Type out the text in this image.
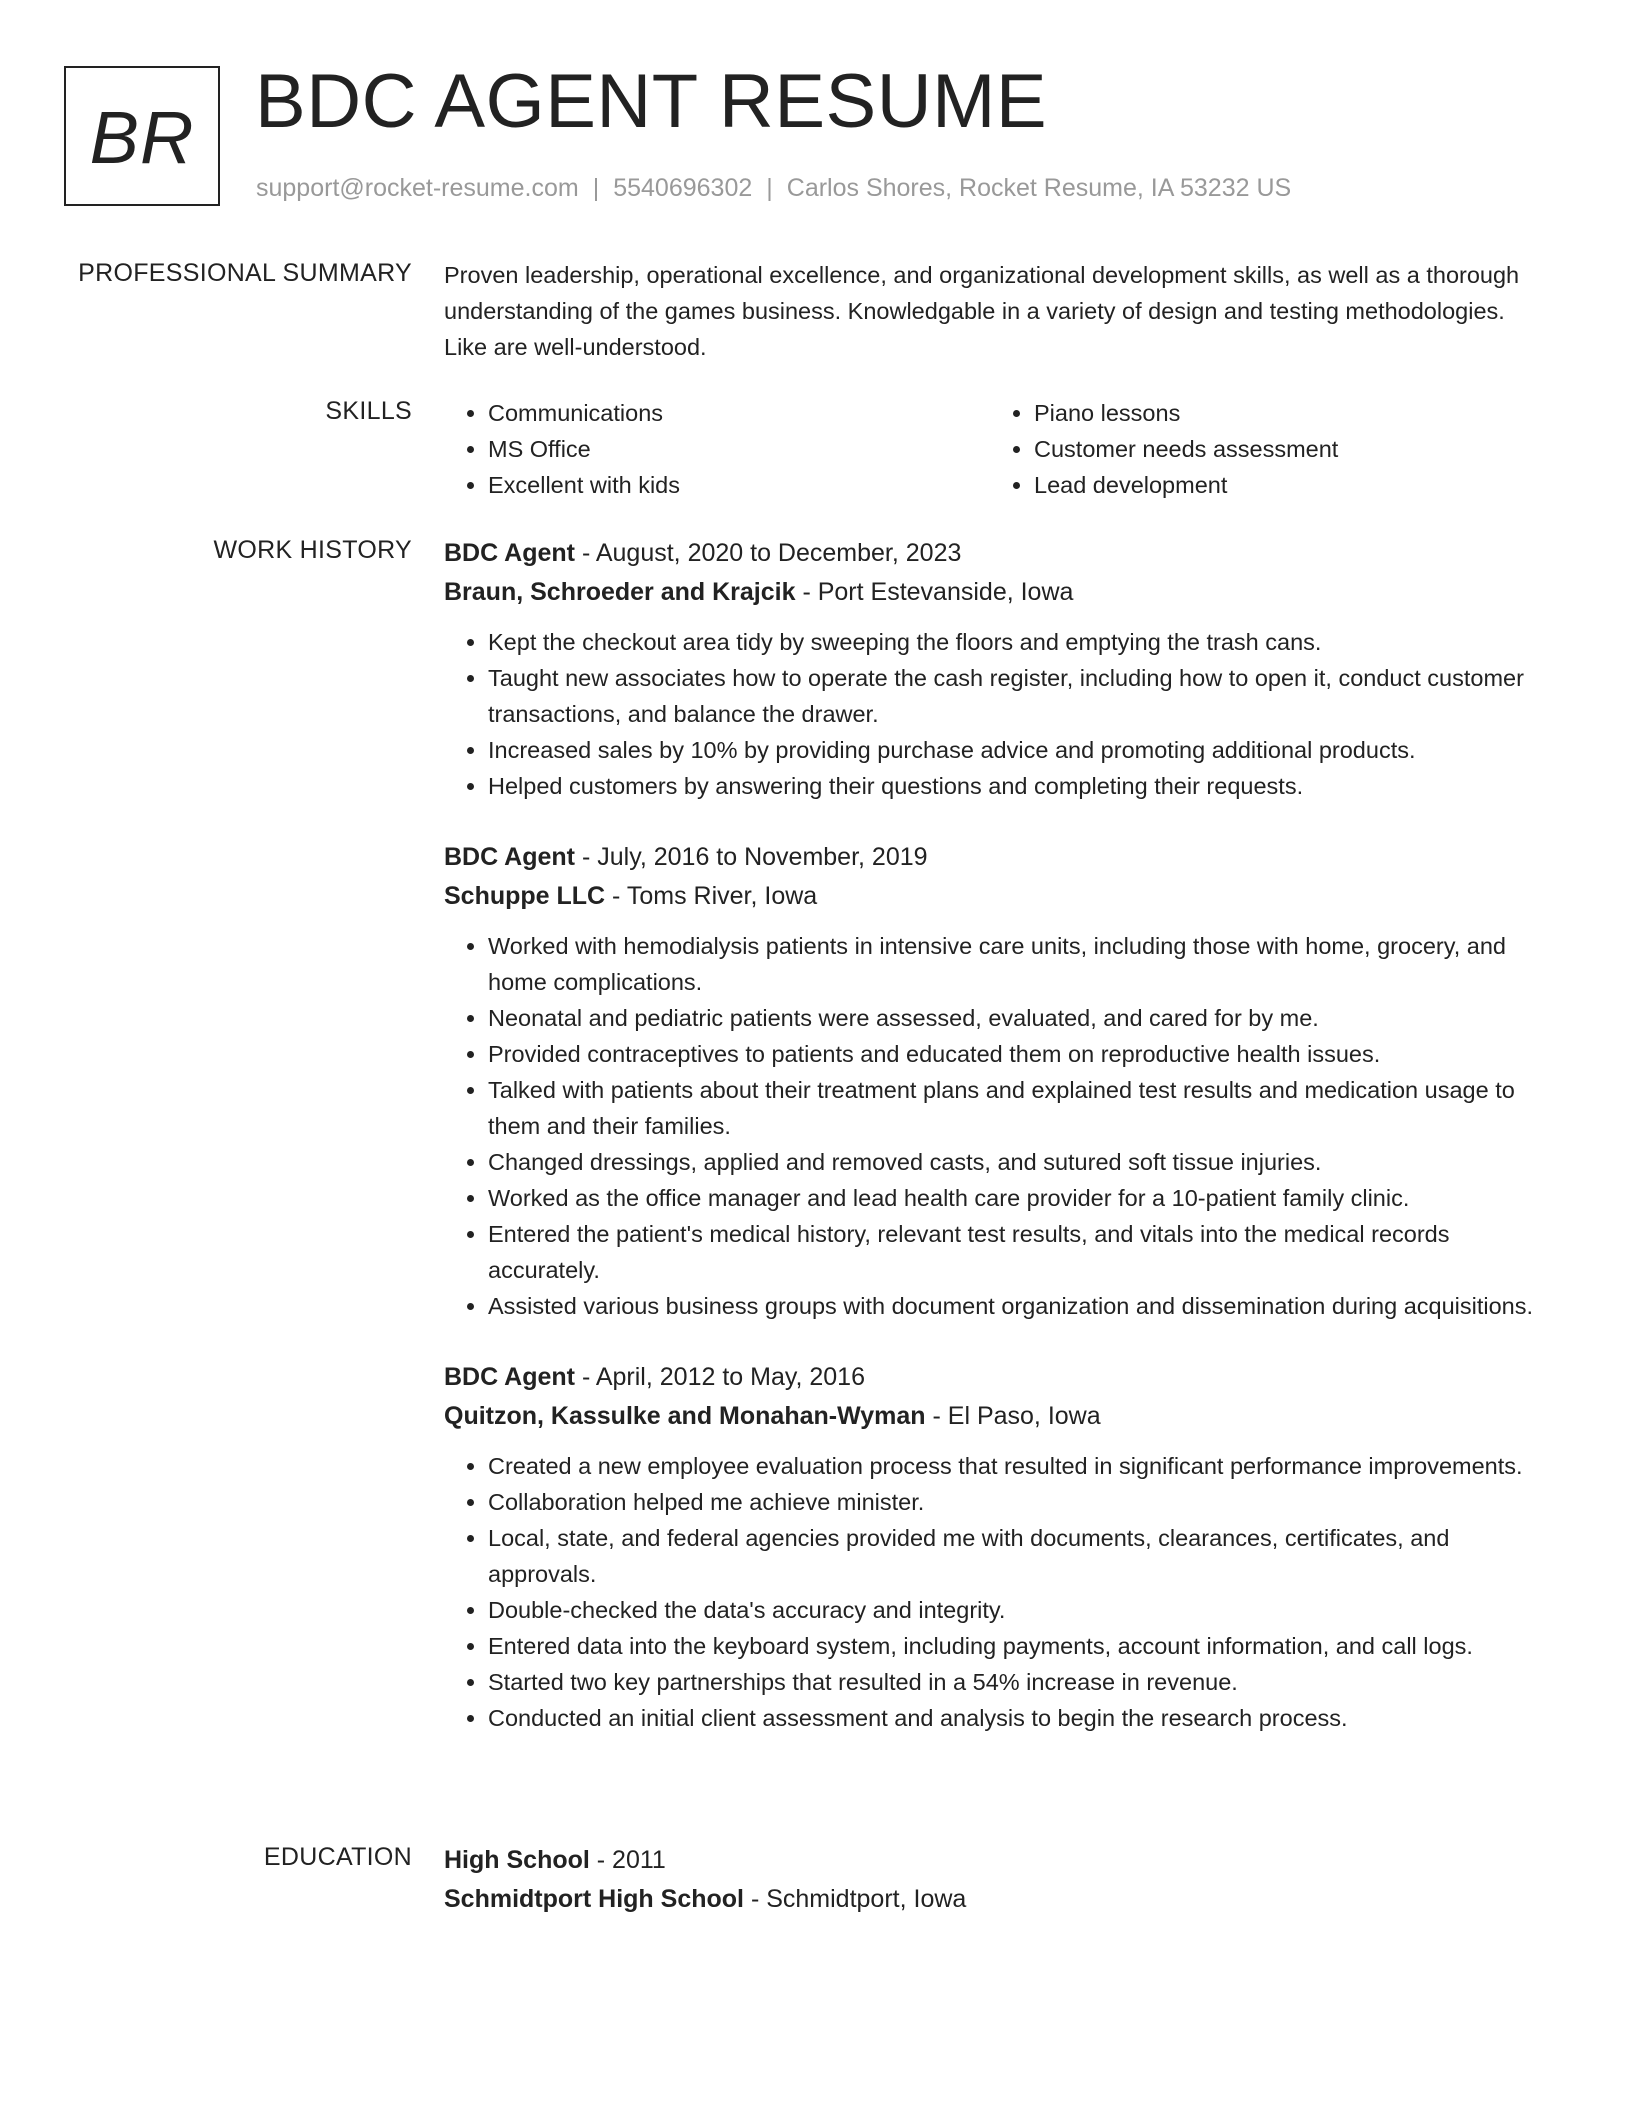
BR BDC AGENT RESUME
support@rocket-resume.com | 5540696302 | Carlos Shores, Rocket Resume, IA 53232 US
PROFESSIONAL SUMMARY Proven leadership, operational excellence, and organizational development skills, as well as a thorough understanding of the games business. Knowledgable in a variety of design and testing methodologies. Like are well-understood.

SKILLS
•	Communications
• MS Office
• Excellent with kids
• Piano lessons
• Customer needs assessment
• Lead development
WORK HISTORY BDC Agent - August, 2020 to December, 2023

Braun, Schroeder and Krajcik - Port Estevanside, Iowa

• Kept the checkout area tidy by sweeping the floors and emptying the trash cans.
• Taught new associates how to operate the cash register, including how to open it, conduct customer transactions, and balance the drawer.
• Increased sales by 10% by providing purchase advice and promoting additional products.
• Helped customers by answering their questions and completing their requests.

BDC Agent - July, 2016 to November, 2019

Schuppe LLC - Toms River, Iowa

• Worked with hemodialysis patients in intensive care units, including those with home, grocery, and home complications.
• Neonatal and pediatric patients were assessed, evaluated, and cared for by me.
• Provided contraceptives to patients and educated them on reproductive health issues.
• Talked with patients about their treatment plans and explained test results and medication usage to them and their families.
• Changed dressings, applied and removed casts, and sutured soft tissue injuries.
• Worked as the office manager and lead health care provider for a 10-patient family clinic.
• Entered the patient's medical history, relevant test results, and vitals into the medical records accurately.
• Assisted various business groups with document organization and dissemination during acquisitions.

BDC Agent - April, 2012 to May, 2016

Quitzon, Kassulke and Monahan-Wyman - El Paso, Iowa

• Created a new employee evaluation process that resulted in significant performance improvements.
• Collaboration helped me achieve minister.
• Local, state, and federal agencies provided me with documents, clearances, certificates, and approvals.
• Double-checked the data's accuracy and integrity.
• Entered data into the keyboard system, including payments, account information, and call logs.
• Started two key partnerships that resulted in a 54% increase in revenue.
• Conducted an initial client assessment and analysis to begin the research process.
EDUCATION High School - 2011

Schmidtport High School - Schmidtport, Iowa
